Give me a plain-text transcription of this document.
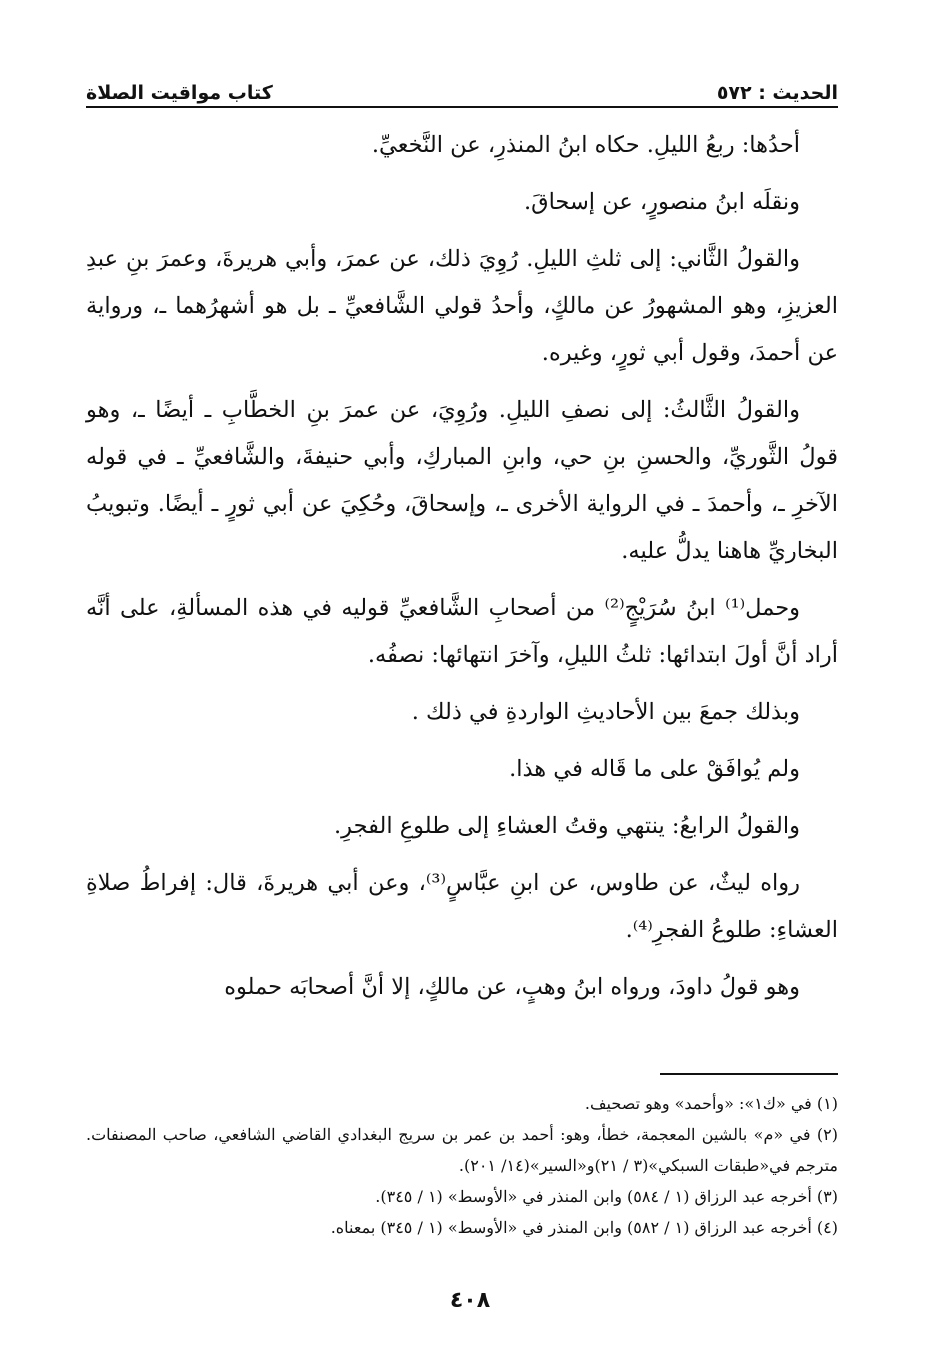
الحديث : ٥٧٢
كتاب مواقيت الصلاة

أحدُها: ربعُ الليلِ. حكاه ابنُ المنذرِ، عن النَّخعيِّ.

ونقلَه ابنُ منصورٍ، عن إسحاقَ.

والقولُ الثَّاني: إلى ثلثِ الليلِ. رُوِيَ ذلك، عن عمرَ، وأبي هريرةَ، وعمرَ بنِ عبدِ العزيزِ، وهو المشهورُ عن مالكٍ، وأحدُ قولي الشَّافعيِّ ـ بل هو أشهرُهما ـ، ورواية عن أحمدَ، وقول أبي ثورٍ، وغيره.

والقولُ الثَّالثُ: إلى نصفِ الليلِ. ورُوِيَ، عن عمرَ بنِ الخطَّابِ ـ أيضًا ـ، وهو قولُ الثَّوريِّ، والحسنِ بنِ حي، وابنِ المباركِ، وأبي حنيفةَ، والشَّافعيِّ ـ في قوله الآخرِ ـ، وأحمدَ ـ في الرواية الأخرى ـ، وإسحاقَ، وحُكِيَ عن أبي ثورٍ ـ أيضًا. وتبويبُ البخاريِّ هاهنا يدلُّ عليه.

وحمل⁽¹⁾ ابنُ سُرَيْجٍ⁽²⁾ من أصحابِ الشَّافعيِّ قوليه في هذه المسألةِ، على أنَّه أراد أنَّ أولَ ابتدائها: ثلثُ الليلِ، وآخرَ انتهائها: نصفُه.

وبذلك جمعَ بين الأحاديثِ الواردةِ في ذلك .

ولم يُوافَقْ على ما قَاله في هذا.

والقولُ الرابعُ: ينتهي وقتُ العشاءِ إلى طلوعِ الفجرِ.

رواه ليثٌ، عن طاوس، عن ابنِ عبَّاسٍ⁽³⁾، وعن أبي هريرةَ، قال: إفراطُ صلاةِ العشاءِ: طلوعُ الفجرِ⁽⁴⁾.

وهو قولُ داودَ، ورواه ابنُ وهبٍ، عن مالكٍ، إلا أنَّ أصحابَه حملوه

(١) في «ك١»: «وأحمد» وهو تصحيف.
(٢) في «م» بالشين المعجمة، خطأ، وهو: أحمد بن عمر بن سريج البغدادي القاضي الشافعي، صاحب المصنفات. مترجم في«طبقات السبكي»(٣ / ٢١)و«السير»(١٤/ ٢٠١).
(٣) أخرجه عبد الرزاق (١ / ٥٨٤) وابن المنذر في «الأوسط» (١ / ٣٤٥).
(٤) أخرجه عبد الرزاق (١ / ٥٨٢) وابن المنذر في «الأوسط» (١ / ٣٤٥) بمعناه.
٤٠٨
